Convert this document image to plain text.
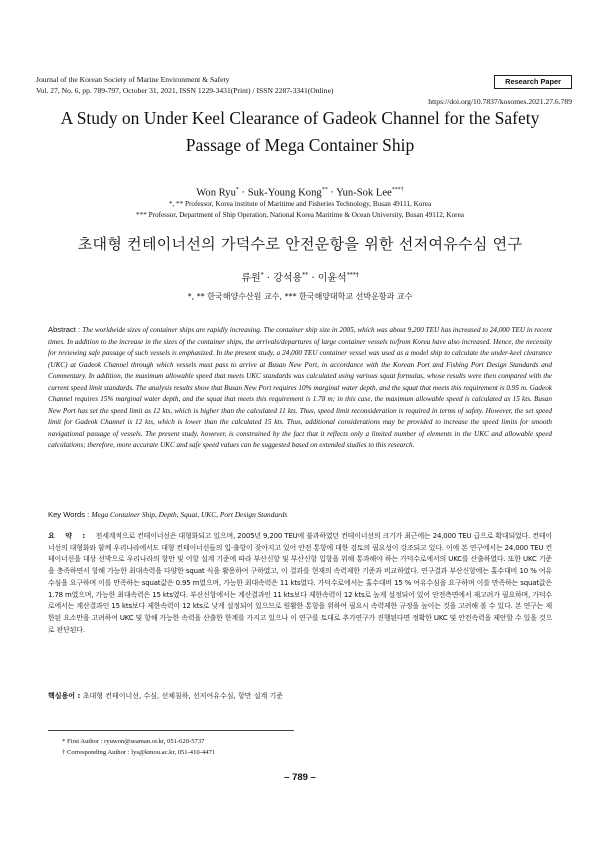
Journal of the Korean Society of Marine Environment & Safety
Vol. 27, No. 6, pp. 789-797, October 31, 2021, ISSN 1229-3431(Print) / ISSN 2287-3341(Online)
Research Paper
https://doi.org/10.7837/kosomes.2021.27.6.789
A Study on Under Keel Clearance of Gadeok Channel for the Safety
Passage of Mega Container Ship
Won Ryu* · Suk-Young Kong** · Yun-Sok Lee***†
*, ** Professor, Korea institute of Maritime and Fisheries Technology, Busan 49111, Korea
*** Professor, Department of Ship Operation, National Korea Maritime & Ocean University, Busan 49112, Korea
초대형 컨테이너선의 가덕수로 안전운항을 위한 선저여유수심 연구
류원* · 강석용** · 이윤석***†
*, ** 한국해양수산원 교수, *** 한국해양대학교 선박운항과 교수
Abstract : The worldwide sizes of container ships are rapidly increasing. The container ship size in 2005, which was about 9,200 TEU has increased to 24,000 TEU in recent times. In addition to the increase in the sizes of the container ships, the arrivals/departures of large container vessels to/from Korea have also increased. Hence, the necessity for reviewing safe passage of such vessels is emphasized. In the present study, a 24,000 TEU container vessel was used as a model ship to calculate the under-keel clearance (UKC) at Gadeok Channel through which vessels must pass to arrive at Busan New Port, in accordance with the Korean Port and Fishing Port Design Standards and Commentary. In addition, the maximum allowable speed that meets UKC standards was calculated using various squat formulas, whose results were then compared with the current speed limit standards. The analysis results show that Busan New Port requires 10% marginal water depth, and the squat that meets this requirement is 0.95 m. Gadeok Channel requires 15% marginal water depth, and the squat that meets this requirement is 1.78 m; in this case, the maximum allowable speed is calculated as 15 kts. Busan New Port has set the speed limit as 12 kts, which is higher than the calculated 11 kts. Thus, speed limit reconsideration is required in terms of safety. However, the set speed limit for Gadeok Channel is 12 kts, which is lower than the calculated 15 kts. Thus, additional considerations may be provided to increase the speed limits for smooth navigational passage of vessels. The present study, however, is constrained by the fact that it reflects only a limited number of elements in the UKC and allowable speed calculations; therefore, more accurate UKC and safe speed values can be suggested based on extended studies to this research.
Key Words : Mega Container Ship, Depth, Squat, UKC, Port Design Standards
요 약 : 전세계적으로 컨테이너선은 대형화되고 있으며, 2005년 9,200 TEU에 불과하였던 컨테이너선의 크기가 최근에는 24,000 TEU 급으로 확대되었다. 컨테이너선의 대형화와 함께 우리나라에서도 대형 컨테이너선들의 입·출항이 잦아지고 있어 안전 통항에 대한 검토의 필요성이 강조되고 있다. 이에 본 연구에서는 24,000 TEU 컨테이너선을 대상 선박으로 우리나라의 항만 및 어항 설계 기준에 따라 부산신항 및 부산신항 입항을 위해 통과해야 하는 가덕수로에서의 UKC를 산출하였다. 또한 UKC 기준을 충족하면서 항해 가능한 최대속력을 다양한 squat 식을 활용하여 구하였고, 이 결과를 현재의 속력제한 기준과 비교하였다. 연구결과 부산신항에는 홀수대비 10 % 여유수심을 요구하며 이를 만족하는 squat값은 0.95 m였으며, 가능한 최대속력은 11 kts였다. 가덕수로에서는 홀수대비 15 % 여유수심을 요구하며 이를 만족하는 squat값은 1.78 m였으며, 가능한 최대속력은 15 kts였다. 부산신항에서는 계산결과인 11 kts보다 제한속력이 12 kts로 높게 설정되어 있어 안전측면에서 재고려가 필요하며, 가덕수로에서는 계산결과인 15 kts보다 제한속력이 12 kts로 낮게 설정되어 있으므로 원활한 통항을 위하여 필요시 속력제한 규정을 높이는 것을 고려해 볼 수 있다. 본 연구는 제한된 요소만을 고려하여 UKC 및 항해 가능한 속력을 산출한 한계를 가지고 있으나 이 연구를 토대로 추가연구가 진행된다면 정확한 UKC 및 안전속력을 제안할 수 있을 것으로 판단된다.
핵심용어 : 초대형 컨테이너선, 수심, 선체침하, 선저여유수심, 항만 설계 기준
* First Author : ryuwon@seaman.or.kr, 051-620-5737
† Corresponding Author : lys@kmou.ac.kr, 051-410-4471
– 789 –
